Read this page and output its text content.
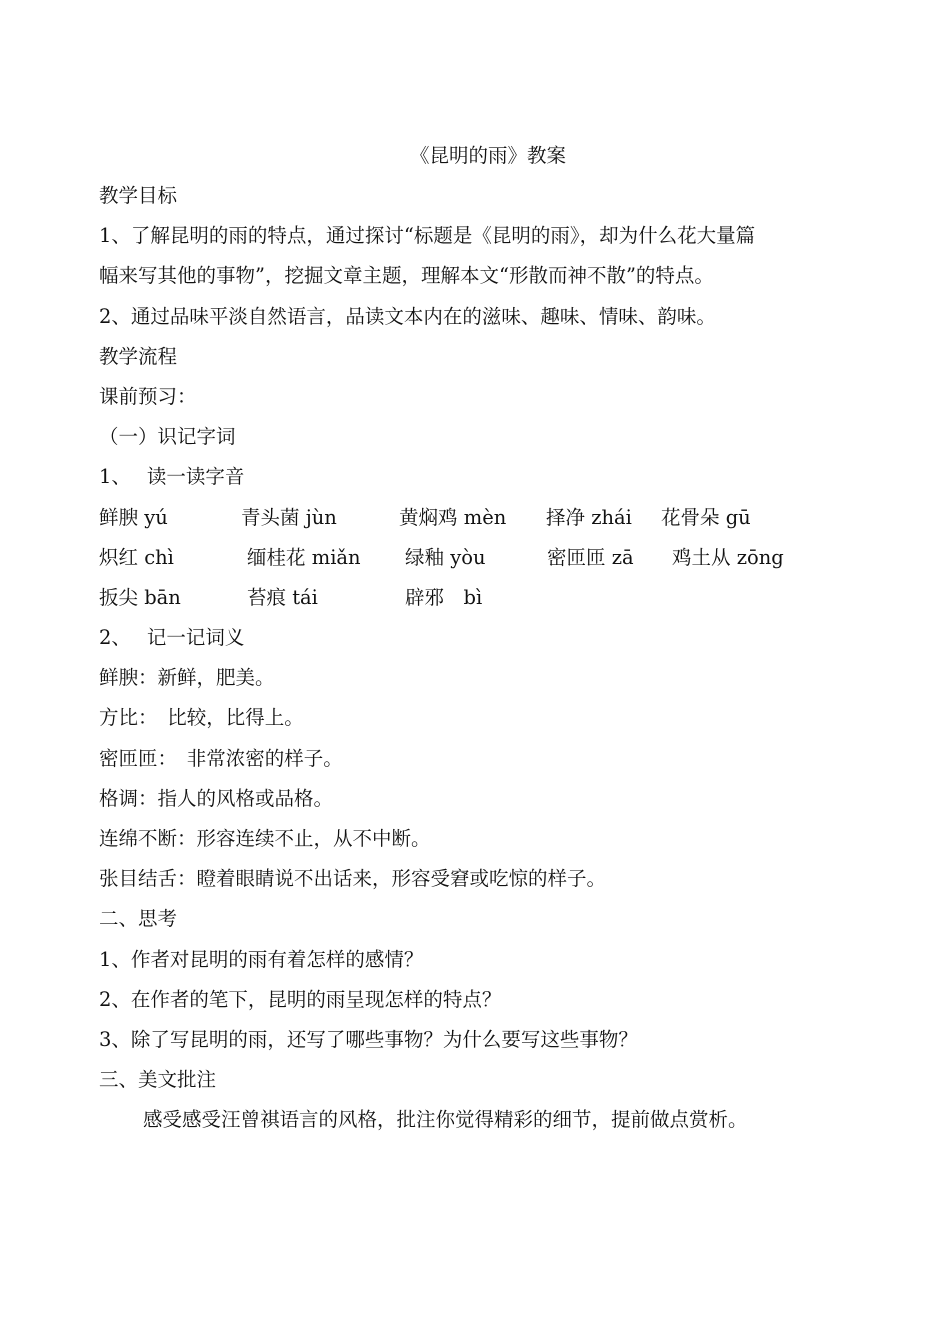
《昆明的雨》教案
教学目标
1、了解昆明的雨的特点，通过探讨“标题是《昆明的雨》，却为什么花大量篇
幅来写其他的事物”，挖掘文章主题，理解本文“形散而神不散”的特点。
2、通过品味平淡自然语言，品读文本内在的滋味、趣味、情味、韵味。
教学流程
课前预习：
（一）识记字词
1、　 读一读字音
鲜腴 yú	青头菌 jùn	黄焖鸡 mèn	择净 zhái	花骨朵 gū
炽红 chì	缅桂花 miǎn	绿釉 yòu	密匝匝 zā	鸡土从 zōng
扳尖 bān	苔痕 tái	辟邪　bì
2、　 记一记词义
鲜腴：新鲜，肥美。
方比：　比较，比得上。
密匝匝：　非常浓密的样子。
格调：指人的风格或品格。
连绵不断：形容连续不止，从不中断。
张目结舌：瞪着眼睛说不出话来，形容受窘或吃惊的样子。
二、思考
1、作者对昆明的雨有着怎样的感情？
2、在作者的笔下，昆明的雨呈现怎样的特点？
3、除了写昆明的雨，还写了哪些事物？为什么要写这些事物？
三、美文批注
感受感受汪曾祺语言的风格，批注你觉得精彩的细节，提前做点赏析。
